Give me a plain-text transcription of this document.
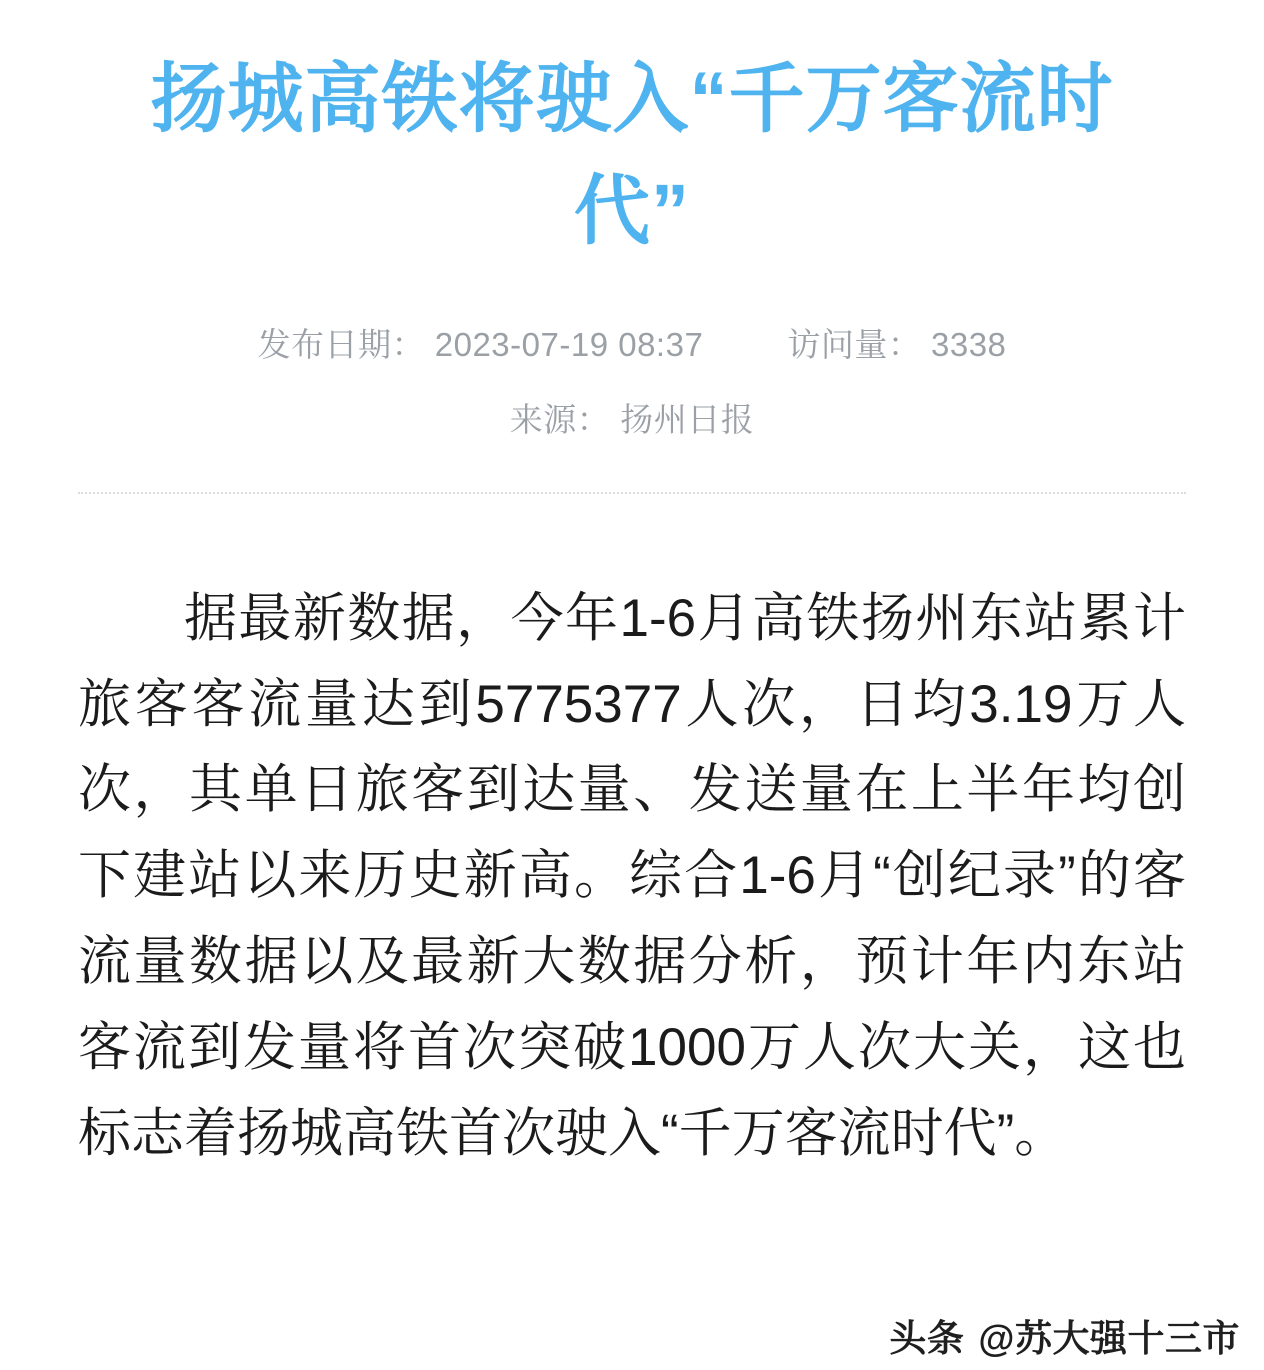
扬城高铁将驶入“千万客流时代”
发布日期： 2023-07-19 08:37	访问量： 3338
来源： 扬州日报

据最新数据，今年1-6月高铁扬州东站累计旅客客流量达到5775377人次，日均3.19万人次，其单日旅客到达量、发送量在上半年均创下建站以来历史新高。综合1-6月“创纪录”的客流量数据以及最新大数据分析，预计年内东站客流到发量将首次突破1000万人次大关，这也标志着扬城高铁首次驶入“千万客流时代”。

头条 @苏大强十三市
